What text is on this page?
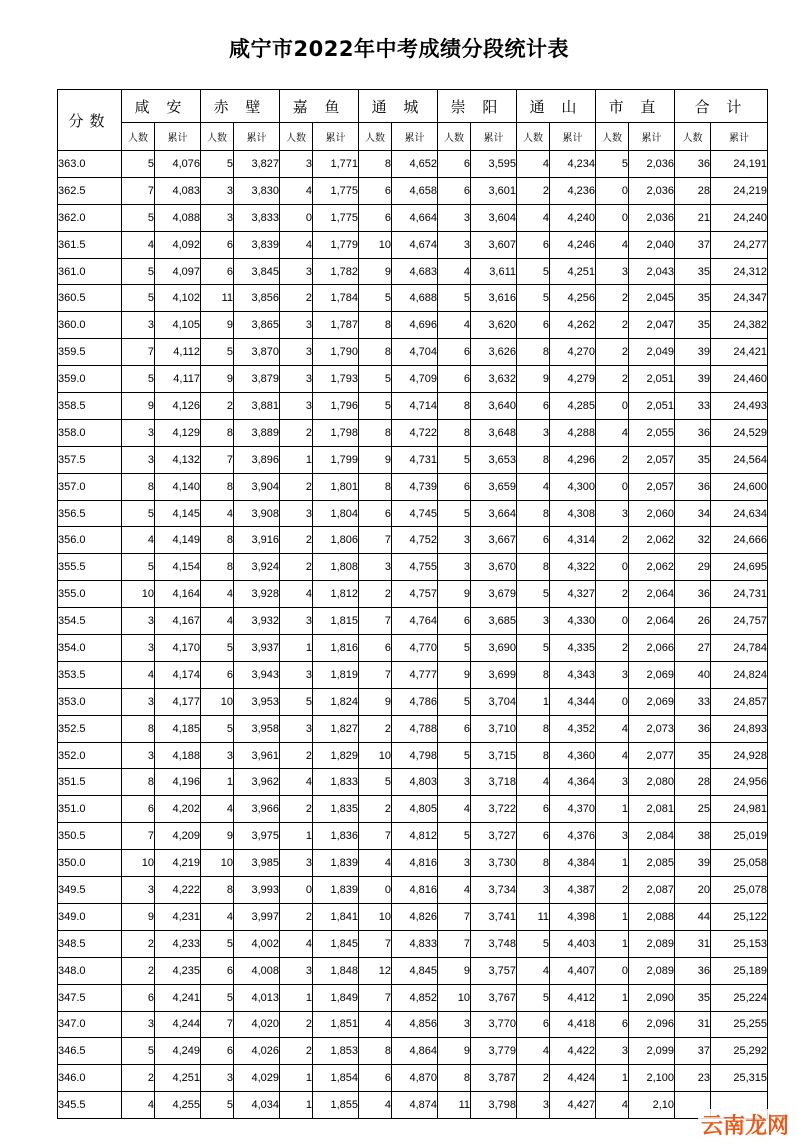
咸宁市2022年中考成绩分段统计表
分数	咸 安		赤 壁		嘉 鱼		通 城		崇 阳		通 山		市 直		合 计	
	人数	累计	人数	累计	人数	累计	人数	累计	人数	累计	人数	累计	人数	累计	人数	累计
363.0	5	4,076	5	3,827	3	1,771	8	4,652	6	3,595	4	4,234	5	2,036	36	24,191
362.5	7	4,083	3	3,830	4	1,775	6	4,658	6	3,601	2	4,236	0	2,036	28	24,219
362.0	5	4,088	3	3,833	0	1,775	6	4,664	3	3,604	4	4,240	0	2,036	21	24,240
361.5	4	4,092	6	3,839	4	1,779	10	4,674	3	3,607	6	4,246	4	2,040	37	24,277
361.0	5	4,097	6	3,845	3	1,782	9	4,683	4	3,611	5	4,251	3	2,043	35	24,312
360.5	5	4,102	11	3,856	2	1,784	5	4,688	5	3,616	5	4,256	2	2,045	35	24,347
360.0	3	4,105	9	3,865	3	1,787	8	4,696	4	3,620	6	4,262	2	2,047	35	24,382
359.5	7	4,112	5	3,870	3	1,790	8	4,704	6	3,626	8	4,270	2	2,049	39	24,421
359.0	5	4,117	9	3,879	3	1,793	5	4,709	6	3,632	9	4,279	2	2,051	39	24,460
358.5	9	4,126	2	3,881	3	1,796	5	4,714	8	3,640	6	4,285	0	2,051	33	24,493
358.0	3	4,129	8	3,889	2	1,798	8	4,722	8	3,648	3	4,288	4	2,055	36	24,529
357.5	3	4,132	7	3,896	1	1,799	9	4,731	5	3,653	8	4,296	2	2,057	35	24,564
357.0	8	4,140	8	3,904	2	1,801	8	4,739	6	3,659	4	4,300	0	2,057	36	24,600
356.5	5	4,145	4	3,908	3	1,804	6	4,745	5	3,664	8	4,308	3	2,060	34	24,634
356.0	4	4,149	8	3,916	2	1,806	7	4,752	3	3,667	6	4,314	2	2,062	32	24,666
355.5	5	4,154	8	3,924	2	1,808	3	4,755	3	3,670	8	4,322	0	2,062	29	24,695
355.0	10	4,164	4	3,928	4	1,812	2	4,757	9	3,679	5	4,327	2	2,064	36	24,731
354.5	3	4,167	4	3,932	3	1,815	7	4,764	6	3,685	3	4,330	0	2,064	26	24,757
354.0	3	4,170	5	3,937	1	1,816	6	4,770	5	3,690	5	4,335	2	2,066	27	24,784
353.5	4	4,174	6	3,943	3	1,819	7	4,777	9	3,699	8	4,343	3	2,069	40	24,824
353.0	3	4,177	10	3,953	5	1,824	9	4,786	5	3,704	1	4,344	0	2,069	33	24,857
352.5	8	4,185	5	3,958	3	1,827	2	4,788	6	3,710	8	4,352	4	2,073	36	24,893
352.0	3	4,188	3	3,961	2	1,829	10	4,798	5	3,715	8	4,360	4	2,077	35	24,928
351.5	8	4,196	1	3,962	4	1,833	5	4,803	3	3,718	4	4,364	3	2,080	28	24,956
351.0	6	4,202	4	3,966	2	1,835	2	4,805	4	3,722	6	4,370	1	2,081	25	24,981
350.5	7	4,209	9	3,975	1	1,836	7	4,812	5	3,727	6	4,376	3	2,084	38	25,019
350.0	10	4,219	10	3,985	3	1,839	4	4,816	3	3,730	8	4,384	1	2,085	39	25,058
349.5	3	4,222	8	3,993	0	1,839	0	4,816	4	3,734	3	4,387	2	2,087	20	25,078
349.0	9	4,231	4	3,997	2	1,841	10	4,826	7	3,741	11	4,398	1	2,088	44	25,122
348.5	2	4,233	5	4,002	4	1,845	7	4,833	7	3,748	5	4,403	1	2,089	31	25,153
348.0	2	4,235	6	4,008	3	1,848	12	4,845	9	3,757	4	4,407	0	2,089	36	25,189
347.5	6	4,241	5	4,013	1	1,849	7	4,852	10	3,767	5	4,412	1	2,090	35	25,224
347.0	3	4,244	7	4,020	2	1,851	4	4,856	3	3,770	6	4,418	6	2,096	31	25,255
346.5	5	4,249	6	4,026	2	1,853	8	4,864	9	3,779	4	4,422	3	2,099	37	25,292
346.0	2	4,251	3	4,029	1	1,854	6	4,870	8	3,787	2	4,424	1	2,100	23	25,315
345.5	4	4,255	5	4,034	1	1,855	4	4,874	11	3,798	3	4,427	4	2,10		
云南龙网
